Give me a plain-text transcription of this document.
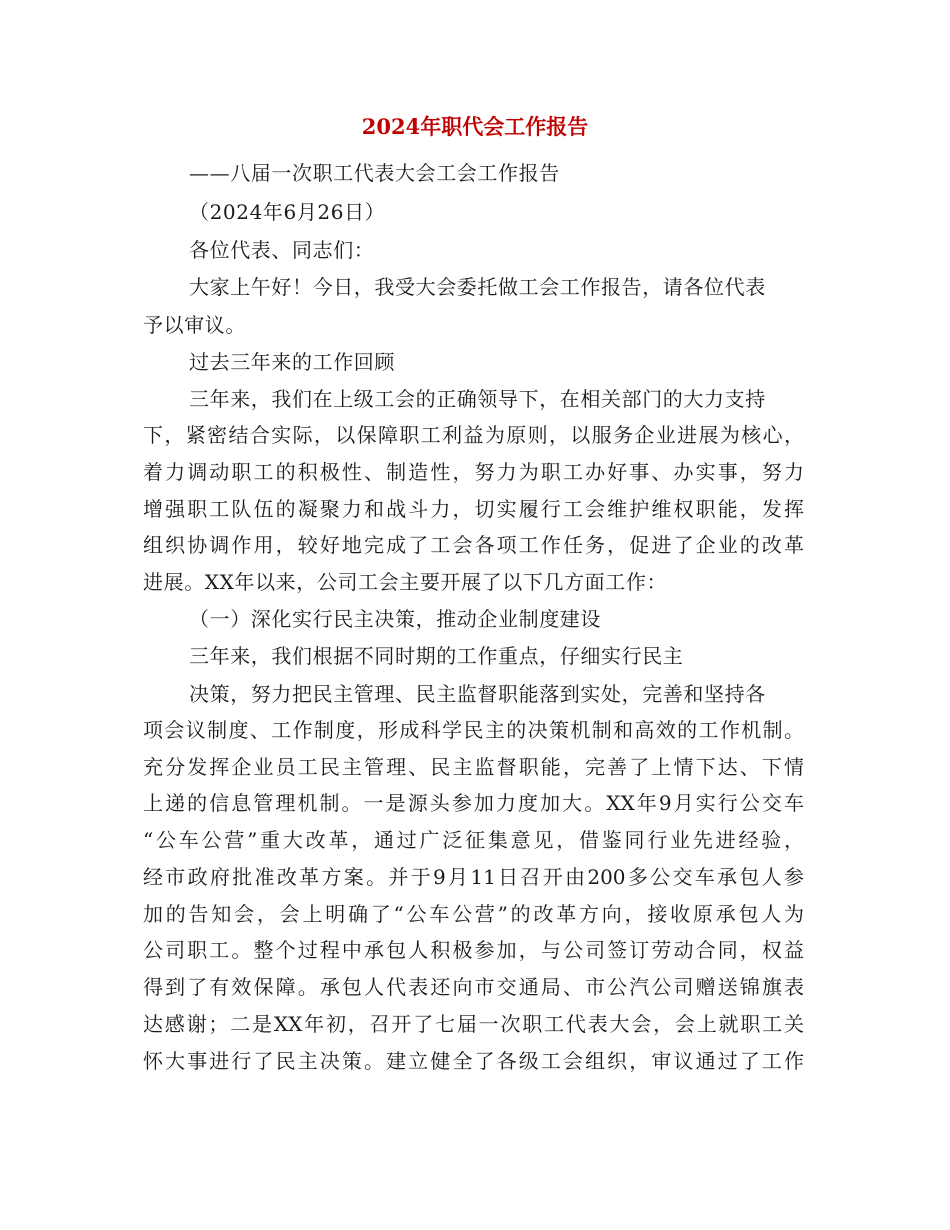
2024年职代会工作报告
——八届一次职工代表大会工会工作报告
（2024年6月26日）
各位代表、同志们：
大家上午好！今日，我受大会委托做工会工作报告，请各位代表
予以审议。
过去三年来的工作回顾
三年来，我们在上级工会的正确领导下，在相关部门的大力支持
下，紧密结合实际，以保障职工利益为原则，以服务企业进展为核心，
着力调动职工的积极性、制造性，努力为职工办好事、办实事，努力
增强职工队伍的凝聚力和战斗力，切实履行工会维护维权职能，发挥
组织协调作用，较好地完成了工会各项工作任务，促进了企业的改革
进展。XX年以来，公司工会主要开展了以下几方面工作：
（一）深化实行民主决策，推动企业制度建设
三年来，我们根据不同时期的工作重点，仔细实行民主
决策，努力把民主管理、民主监督职能落到实处，完善和坚持各
项会议制度、工作制度，形成科学民主的决策机制和高效的工作机制。
充分发挥企业员工民主管理、民主监督职能，完善了上情下达、下情
上递的信息管理机制。一是源头参加力度加大。XX年9月实行公交车
“公车公营”重大改革，通过广泛征集意见，借鉴同行业先进经验，
经市政府批准改革方案。并于9月11日召开由200多公交车承包人参
加的告知会，会上明确了“公车公营”的改革方向，接收原承包人为
公司职工。整个过程中承包人积极参加，与公司签订劳动合同，权益
得到了有效保障。承包人代表还向市交通局、市公汽公司赠送锦旗表
达感谢；二是XX年初，召开了七届一次职工代表大会，会上就职工关
怀大事进行了民主决策。建立健全了各级工会组织，审议通过了工作
